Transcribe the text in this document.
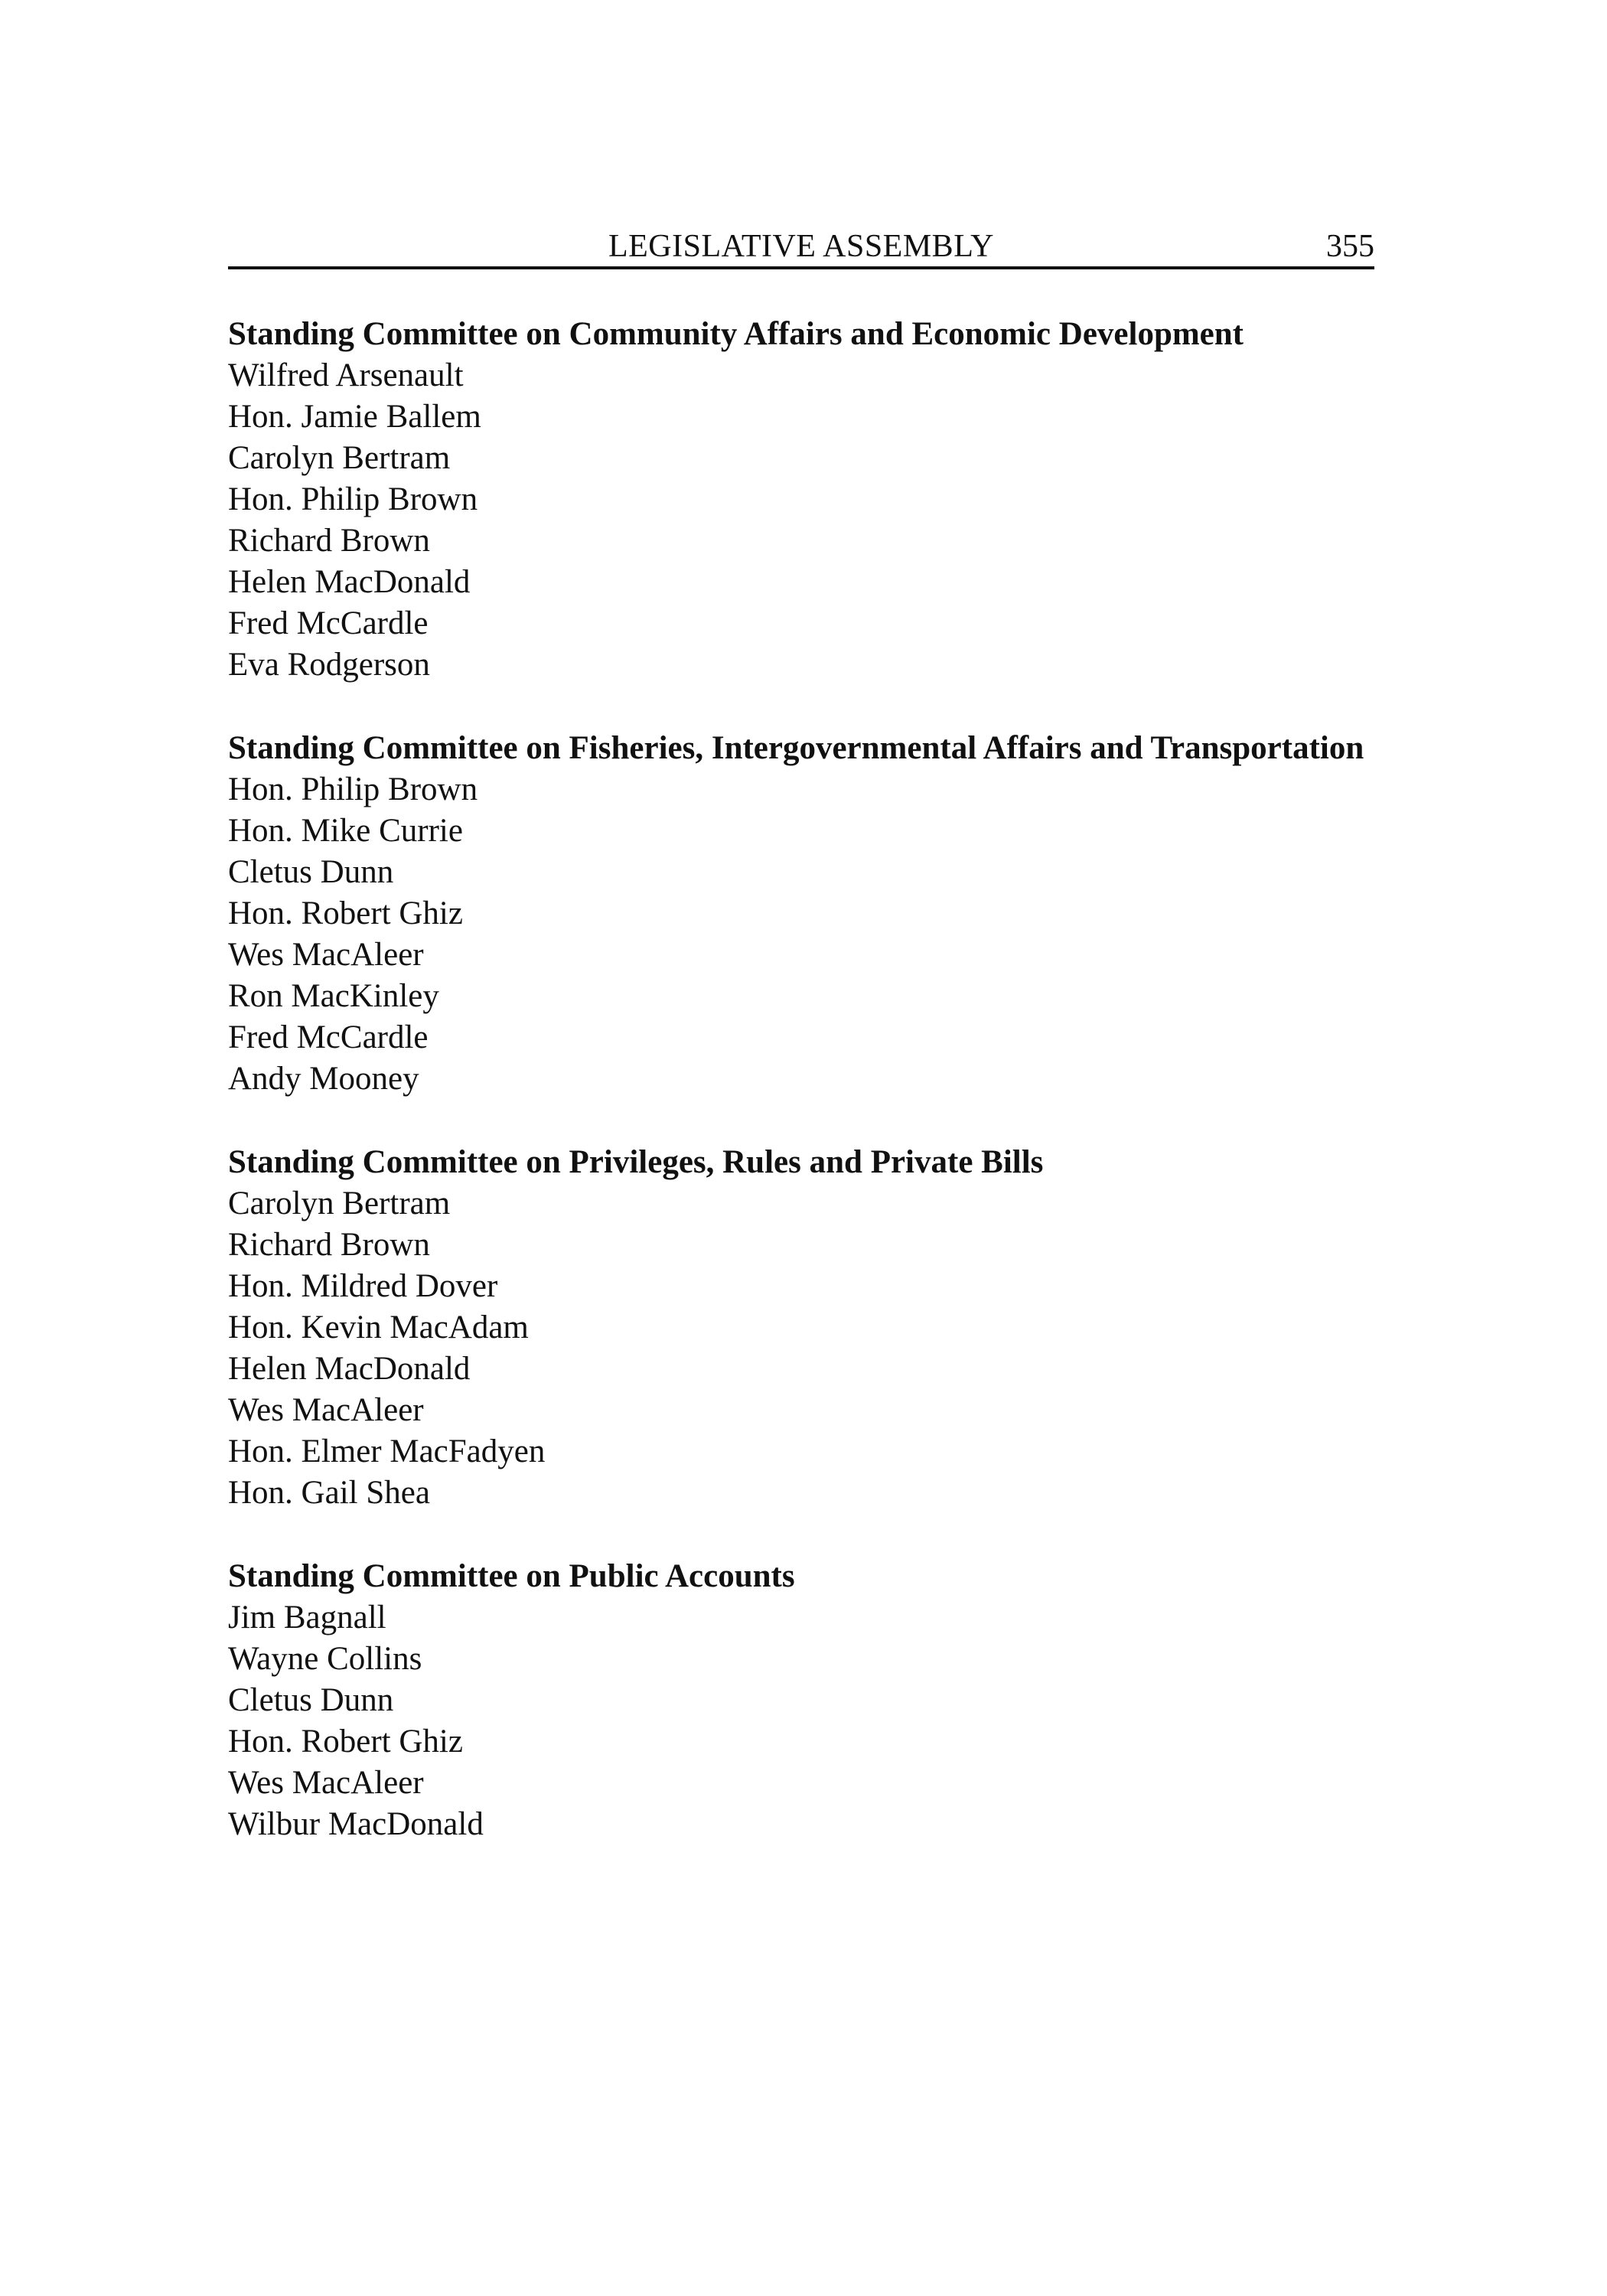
LEGISLATIVE ASSEMBLY	355
Standing Committee on Community Affairs and Economic Development
Wilfred Arsenault
Hon. Jamie Ballem
Carolyn Bertram
Hon. Philip Brown
Richard Brown
Helen MacDonald
Fred McCardle
Eva Rodgerson
Standing Committee on Fisheries, Intergovernmental Affairs and Transportation
Hon. Philip Brown
Hon. Mike Currie
Cletus Dunn
Hon. Robert Ghiz
Wes MacAleer
Ron MacKinley
Fred McCardle
Andy Mooney
Standing Committee on Privileges, Rules and Private Bills
Carolyn Bertram
Richard Brown
Hon. Mildred Dover
Hon. Kevin MacAdam
Helen MacDonald
Wes MacAleer
Hon. Elmer MacFadyen
Hon. Gail Shea
Standing Committee on Public Accounts
Jim Bagnall
Wayne Collins
Cletus Dunn
Hon. Robert Ghiz
Wes MacAleer
Wilbur MacDonald
